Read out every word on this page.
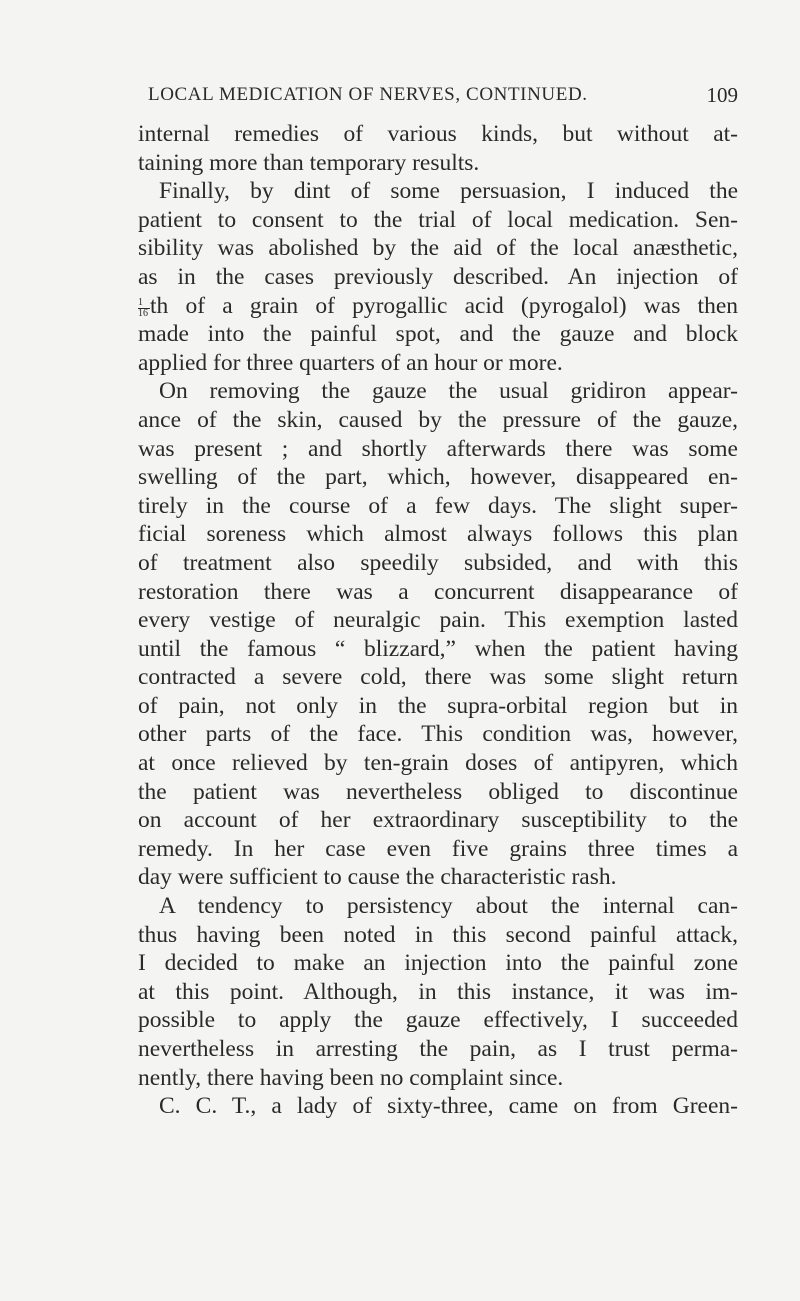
LOCAL MEDICATION OF NERVES, CONTINUED.	109
internal remedies of various kinds, but without at-
taining more than temporary results.
Finally, by dint of some persuasion, I induced the
patient to consent to the trial of local medication. Sen-
sibility was abolished by the aid of the local anæsthetic,
as in the cases previously described. An injection of
$\frac{1}{16}$ th of a grain of pyrogallic acid (pyrogalol) was then
made into the painful spot, and the gauze and block
applied for three quarters of an hour or more.
On removing the gauze the usual gridiron appear-
ance of the skin, caused by the pressure of the gauze,
was present ; and shortly afterwards there was some
swelling of the part, which, however, disappeared en-
tirely in the course of a few days. The slight super-
ficial soreness which almost always follows this plan
of treatment also speedily subsided, and with this
restoration there was a concurrent disappearance of
every vestige of neuralgic pain. This exemption lasted
until the famous “ blizzard,” when the patient having
contracted a severe cold, there was some slight return
of pain, not only in the supra-orbital region but in
other parts of the face. This condition was, however,
at once relieved by ten-grain doses of antipyren, which
the patient was nevertheless obliged to discontinue
on account of her extraordinary susceptibility to the
remedy. In her case even five grains three times a
day were sufficient to cause the characteristic rash.
A tendency to persistency about the internal can-
thus having been noted in this second painful attack,
I decided to make an injection into the painful zone
at this point. Although, in this instance, it was im-
possible to apply the gauze effectively, I succeeded
nevertheless in arresting the pain, as I trust perma-
nently, there having been no complaint since.
C. C. T., a lady of sixty-three, came on from Green-
